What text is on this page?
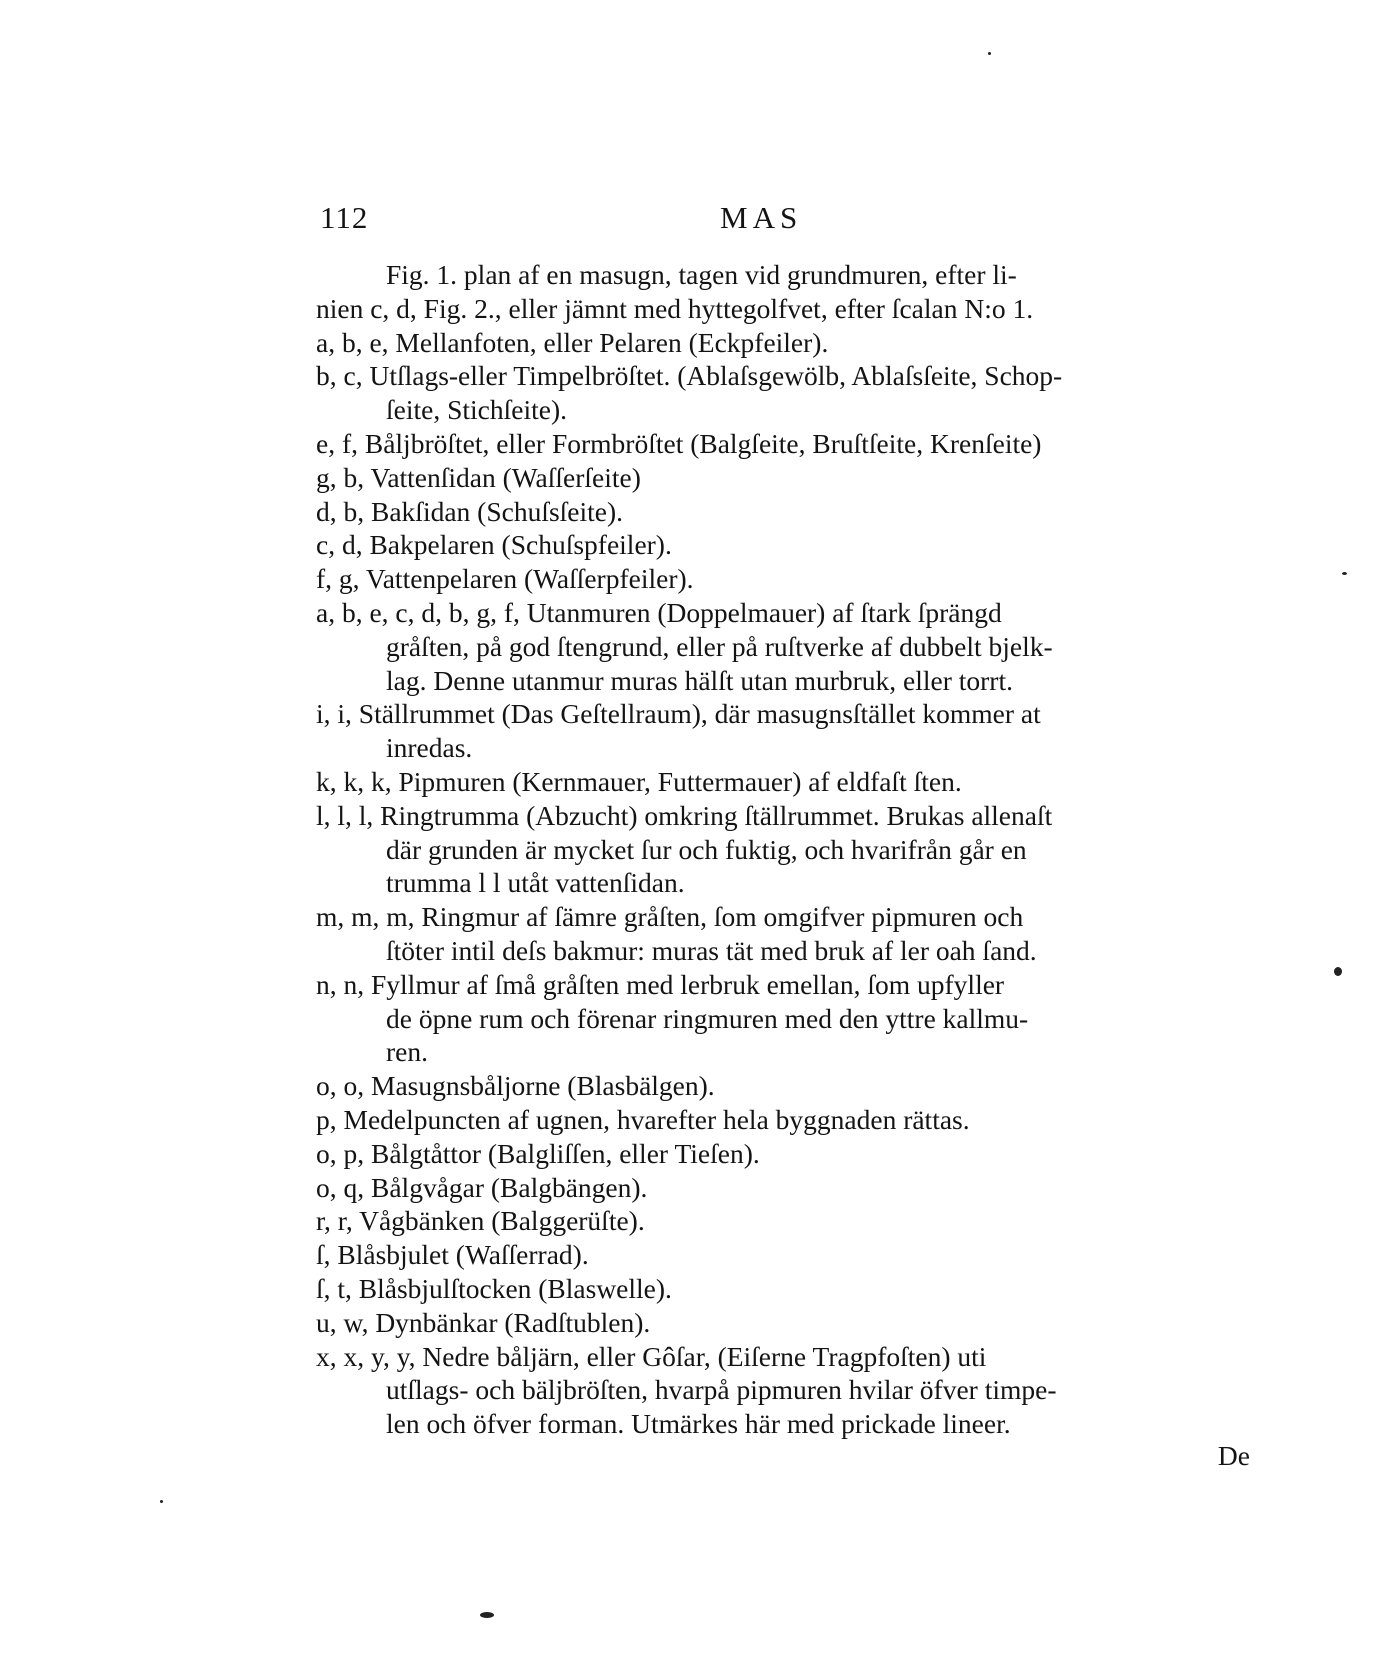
112	MAS
Fig. 1. plan af en masugn, tagen vid grundmuren, efter li-
nien c, d, Fig. 2., eller jämnt med hyttegolfvet, efter ſcalan N:o 1.
a, b, e, Mellanfoten, eller Pelaren (Eckpfeiler).
b, c, Utſlags-eller Timpelbröſtet. (Ablaſsgewölb, Ablaſsſeite, Schop-
ſeite, Stichſeite).
e, f, Båljbröſtet, eller Formbröſtet (Balgſeite, Bruſtſeite, Krenſeite)
g, b, Vattenſidan (Waſſerſeite)
d, b, Bakſidan (Schuſsſeite).
c, d, Bakpelaren (Schuſspfeiler).
f, g, Vattenpelaren (Waſſerpfeiler).
a, b, e, c, d, b, g, f, Utanmuren (Doppelmauer) af ſtark ſprängd
gråſten, på god ſtengrund, eller på ruſtverke af dubbelt bjelk-
lag. Denne utanmur muras hälſt utan murbruk, eller torrt.
i, i, Ställrummet (Das Geſtellraum), där masugnsſtället kommer at
inredas.
k, k, k, Pipmuren (Kernmauer, Futtermauer) af eldfaſt ſten.
l, l, l, Ringtrumma (Abzucht) omkring ſtällrummet. Brukas allenaſt
där grunden är mycket ſur och fuktig, och hvarifrån går en
trumma l l utåt vattenſidan.
m, m, m, Ringmur af ſämre gråſten, ſom omgifver pipmuren och
ſtöter intil deſs bakmur: muras tät med bruk af ler oah ſand.
n, n, Fyllmur af ſmå gråſten med lerbruk emellan, ſom upfyller
de öpne rum och förenar ringmuren med den yttre kallmu-
ren.
o, o, Masugnsbåljorne (Blasbälgen).
p, Medelpuncten af ugnen, hvarefter hela byggnaden rättas.
o, p, Bålgtåttor (Balgliſſen, eller Tieſen).
o, q, Bålgvågar (Balgbängen).
r, r, Vågbänken (Balggerüſte).
ſ, Blåsbjulet (Waſſerrad).
ſ, t, Blåsbjulſtocken (Blaswelle).
u, w, Dynbänkar (Radſtublen).
x, x, y, y, Nedre båljärn, eller Gôſar, (Eiſerne Tragpfoſten) uti
utſlags- och bäljbröſten, hvarpå pipmuren hvilar öfver timpe-
len och öfver forman. Utmärkes här med prickade lineer.
De
